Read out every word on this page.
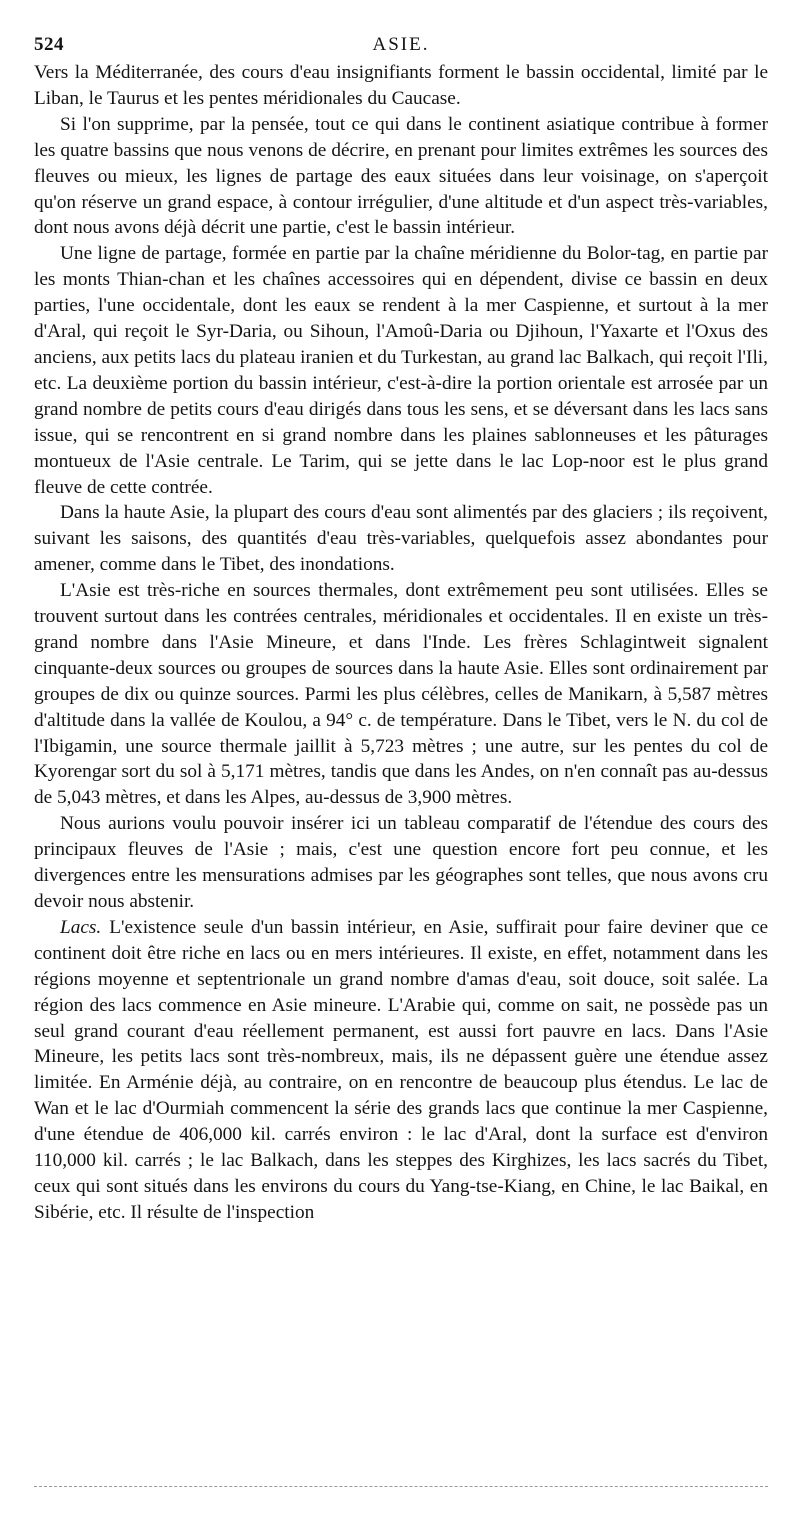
524	ASIE.

Vers la Méditerranée, des cours d'eau insignifiants forment le bassin occidental, limité par le Liban, le Taurus et les pentes méridionales du Caucase.

Si l'on supprime, par la pensée, tout ce qui dans le continent asiatique contribue à former les quatre bassins que nous venons de décrire, en prenant pour limites extrêmes les sources des fleuves ou mieux, les lignes de partage des eaux situées dans leur voisinage, on s'aperçoit qu'on réserve un grand espace, à contour irrégulier, d'une altitude et d'un aspect très-variables, dont nous avons déjà décrit une partie, c'est le bassin intérieur.

Une ligne de partage, formée en partie par la chaîne méridienne du Bolor-tag, en partie par les monts Thian-chan et les chaînes accessoires qui en dépendent, divise ce bassin en deux parties, l'une occidentale, dont les eaux se rendent à la mer Caspienne, et surtout à la mer d'Aral, qui reçoit le Syr-Daria, ou Sihoun, l'Amoû-Daria ou Djihoun, l'Yaxarte et l'Oxus des anciens, aux petits lacs du plateau iranien et du Turkestan, au grand lac Balkach, qui reçoit l'Ili, etc. La deuxième portion du bassin intérieur, c'est-à-dire la portion orientale est arrosée par un grand nombre de petits cours d'eau dirigés dans tous les sens, et se déversant dans les lacs sans issue, qui se rencontrent en si grand nombre dans les plaines sablonneuses et les pâturages montueux de l'Asie centrale. Le Tarim, qui se jette dans le lac Lop-noor est le plus grand fleuve de cette contrée.

Dans la haute Asie, la plupart des cours d'eau sont alimentés par des glaciers ; ils reçoivent, suivant les saisons, des quantités d'eau très-variables, quelquefois assez abondantes pour amener, comme dans le Tibet, des inondations.

L'Asie est très-riche en sources thermales, dont extrêmement peu sont utilisées. Elles se trouvent surtout dans les contrées centrales, méridionales et occidentales. Il en existe un très-grand nombre dans l'Asie Mineure, et dans l'Inde. Les frères Schlagintweit signalent cinquante-deux sources ou groupes de sources dans la haute Asie. Elles sont ordinairement par groupes de dix ou quinze sources. Parmi les plus célèbres, celles de Manikarn, à 5,587 mètres d'altitude dans la vallée de Koulou, a 94° c. de température. Dans le Tibet, vers le N. du col de l'Ibigamin, une source thermale jaillit à 5,723 mètres ; une autre, sur les pentes du col de Kyorengar sort du sol à 5,171 mètres, tandis que dans les Andes, on n'en connaît pas au-dessus de 5,043 mètres, et dans les Alpes, au-dessus de 3,900 mètres.

Nous aurions voulu pouvoir insérer ici un tableau comparatif de l'étendue des cours des principaux fleuves de l'Asie ; mais, c'est une question encore fort peu connue, et les divergences entre les mensurations admises par les géographes sont telles, que nous avons cru devoir nous abstenir.

Lacs. L'existence seule d'un bassin intérieur, en Asie, suffirait pour faire deviner que ce continent doit être riche en lacs ou en mers intérieures. Il existe, en effet, notamment dans les régions moyenne et septentrionale un grand nombre d'amas d'eau, soit douce, soit salée. La région des lacs commence en Asie mineure. L'Arabie qui, comme on sait, ne possède pas un seul grand courant d'eau réellement permanent, est aussi fort pauvre en lacs. Dans l'Asie Mineure, les petits lacs sont très-nombreux, mais, ils ne dépassent guère une étendue assez limitée. En Arménie déjà, au contraire, on en rencontre de beaucoup plus étendus. Le lac de Wan et le lac d'Ourmiah commencent la série des grands lacs que continue la mer Caspienne, d'une étendue de 406,000 kil. carrés environ : le lac d'Aral, dont la surface est d'environ 110,000 kil. carrés ; le lac Balkach, dans les steppes des Kirghizes, les lacs sacrés du Tibet, ceux qui sont situés dans les environs du cours du Yang-tse-Kiang, en Chine, le lac Baikal, en Sibérie, etc. Il résulte de l'inspection
